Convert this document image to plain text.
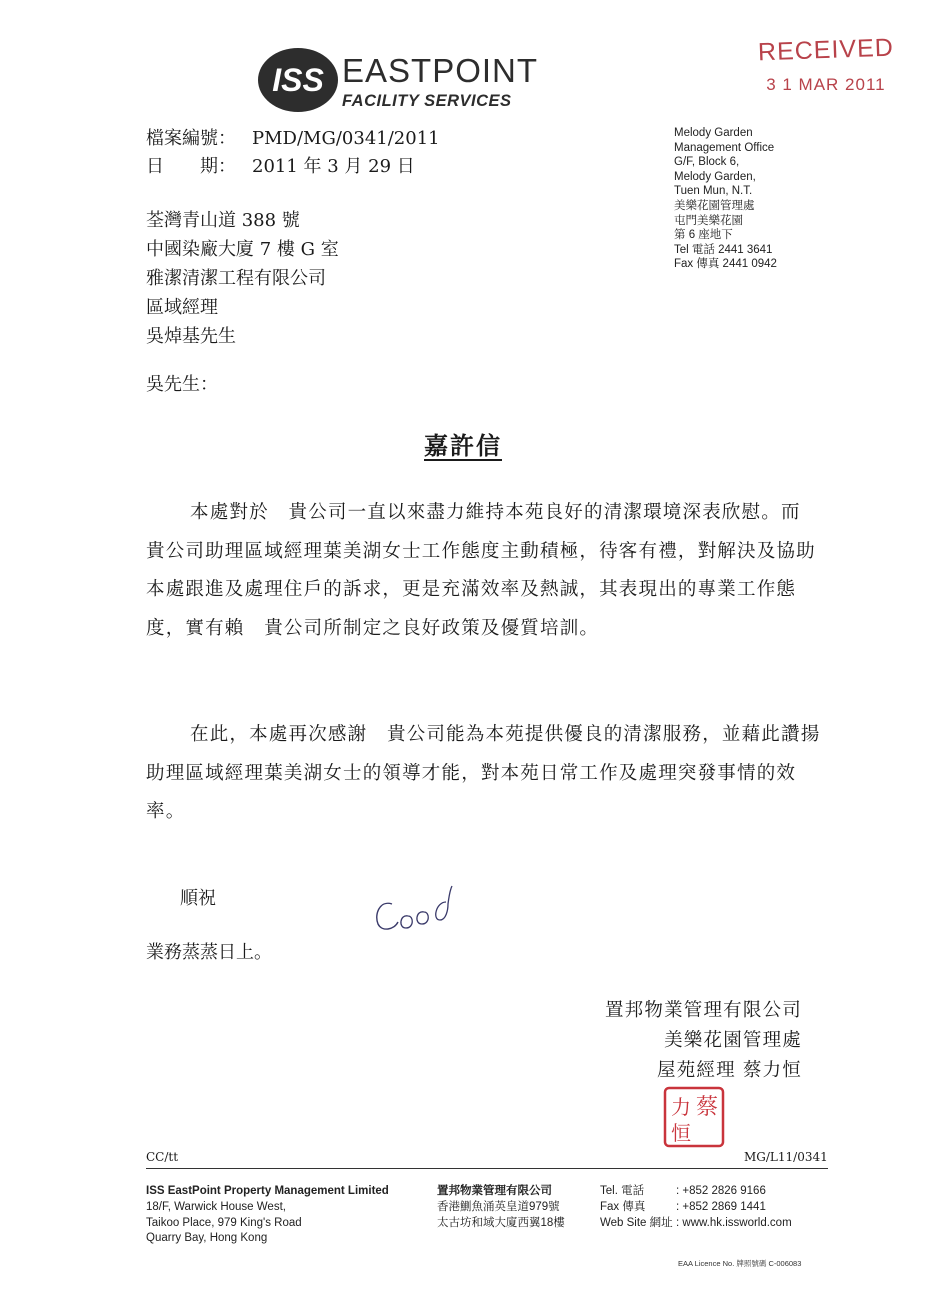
ISS EASTPOINT
FACILITY SERVICES
RECEIVED
3 1 MAR 2011
Melody Garden
Management Office
G/F, Block 6,
Melody Garden,
Tuen Mun, N.T.
美樂花園管理處
屯門美樂花園
第 6 座地下
Tel 電話 2441 3641
Fax 傳真 2441 0942
檔案編號： PMD/MG/0341/2011
日　　期： 2011 年 3 月 29 日
荃灣青山道 388 號
中國染廠大廈 7 樓 G 室
雅潔清潔工程有限公司
區域經理
吳焯基先生
吳先生：
嘉許信
本處對於　貴公司一直以來盡力維持本苑良好的清潔環境深表欣慰。而　貴公司助理區域經理葉美湖女士工作態度主動積極，待客有禮，對解決及協助本處跟進及處理住戶的訴求，更是充滿效率及熱誠，其表現出的專業工作態度，實有賴　貴公司所制定之良好政策及優質培訓。
在此，本處再次感謝　貴公司能為本苑提供優良的清潔服務，並藉此讚揚助理區域經理葉美湖女士的領導才能，對本苑日常工作及處理突發事情的效率。
順祝
業務蒸蒸日上。
置邦物業管理有限公司
美樂花園管理處
屋苑經理 蔡力恒
蔡
力
恒
CC/tt	MG/L11/0341
ISS EastPoint Property Management Limited
18/F, Warwick House West,
Taikoo Place, 979 King's Road
Quarry Bay, Hong Kong
置邦物業管理有限公司
香港鰂魚涌英皇道979號
太古坊和域大廈西翼18樓
Tel. 電話	: +852 2826 9166
Fax 傳真	: +852 2869 1441
Web Site 網址 : www.hk.issworld.com
EAA Licence No. 牌照號碼 C-006083
